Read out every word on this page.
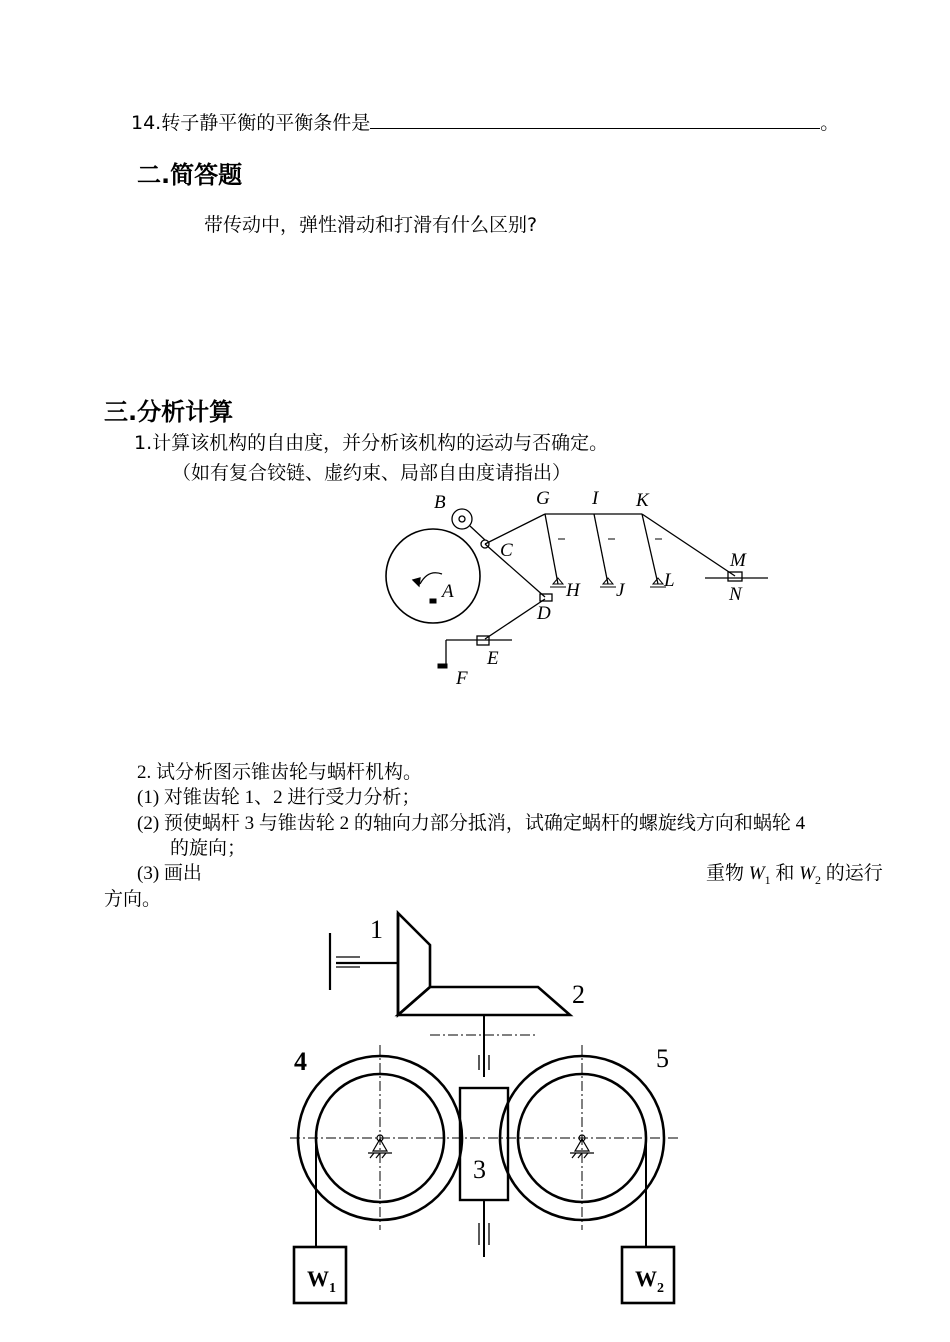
14.转子静平衡的平衡条件是	。
二.简答题
带传动中，弹性滑动和打滑有什么区别?
三.分析计算
1.计算该机构的自由度，并分析该机构的运动与否确定。
（如有复合铰链、虚约束、局部自由度请指出）
B
C
A
D
H
G I
J
K
L
M
N
E
F
2. 试分析图示锥齿轮与蜗杆机构。
(1) 对锥齿轮 1、2 进行受力分析；
(2) 预使蜗杆 3 与锥齿轮 2 的轴向力部分抵消，试确定蜗杆的螺旋线方向和蜗轮 4
的旋向；
(3) 画出	重物 $W_1$ 和 $W_2$ 的运行
方向。
1
2
3
4	5
$W_1$	$W_2$
